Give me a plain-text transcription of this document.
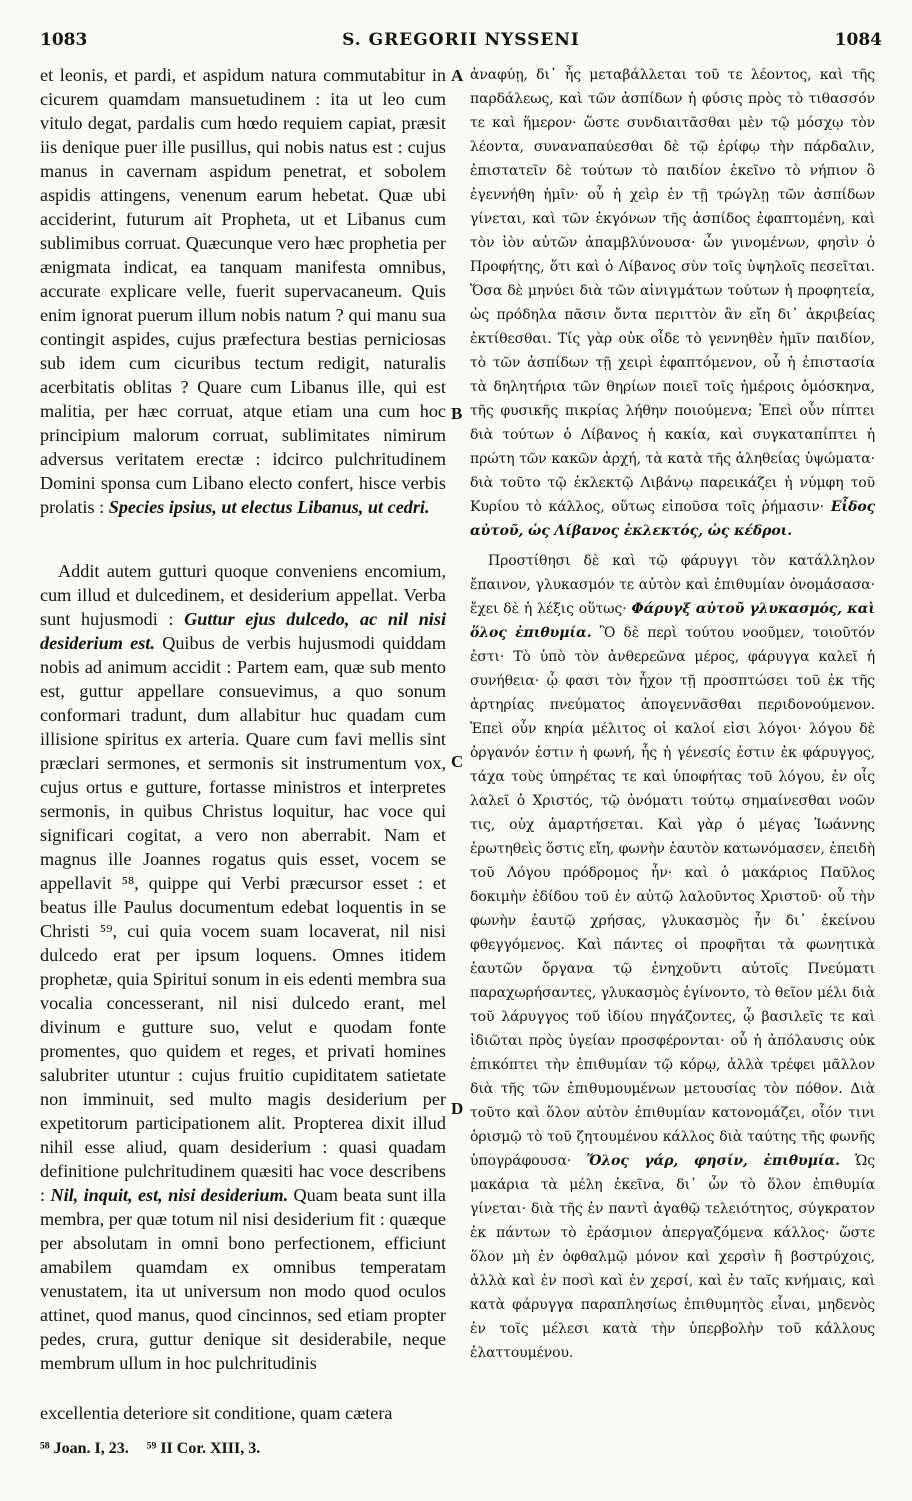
1083	S. GREGORII NYSSENI	1084

et leonis, et pardi, et aspidum natura commutabitur in cicurem quamdam mansuetudinem : ita ut leo cum vitulo degat, pardalis cum hœdo requiem capiat, præsit iis denique puer ille pusillus, qui nobis natus est : cujus manus in cavernam aspidum penetrat, et sobolem aspidis attingens, venenum earum hebetat. Quæ ubi acciderint, futurum ait Propheta, ut et Libanus cum sublimibus corruat. Quæcunque vero hæc prophetia per ænigmata indicat, ea tanquam manifesta omnibus, accurate explicare velle, fuerit supervacaneum. Quis enim ignorat puerum illum nobis natum ? qui manu sua contingit aspides, cujus præfectura bestias perniciosas sub idem cum cicuribus tectum redigit, naturalis acerbitatis oblitas ? Quare cum Libanus ille, qui est malitia, per hæc corruat, atque etiam una cum hoc principium malorum corruat, sublimitates nimirum adversus veritatem erectæ : idcirco pulchritudinem Domini sponsa cum Libano electo confert, hisce verbis prolatis : Species ipsius, ut electus Libanus, ut cedri.

Addit autem gutturi quoque conveniens encomium, cum illud et dulcedinem, et desiderium appellat. Verba sunt hujusmodi : Guttur ejus dulcedo, ac nil nisi desiderium est. Quibus de verbis hujusmodi quiddam nobis ad animum accidit : Partem eam, quæ sub mento est, guttur appellare consuevimus, a quo sonum conformari tradunt, dum allabitur huc quadam cum illisione spiritus ex arteria. Quare cum favi mellis sint præclari sermones, et sermonis sit instrumentum vox, cujus ortus e gutture, fortasse ministros et interpretes sermonis, in quibus Christus loquitur, hac voce qui significari cogitat, a vero non aberrabit. Nam et magnus ille Joannes rogatus quis esset, vocem se appellavit ⁵⁸, quippe qui Verbi præcursor esset : et beatus ille Paulus documentum edebat loquentis in se Christi ⁵⁹, cui quia vocem suam locaverat, nil nisi dulcedo erat per ipsum loquens. Omnes itidem prophetæ, quia Spiritui sonum in eis edenti membra sua vocalia concesserant, nil nisi dulcedo erant, mel divinum e gutture suo, velut e quodam fonte promentes, quo quidem et reges, et privati homines salubriter utuntur : cujus fruitio cupiditatem satietate non imminuit, sed multo magis desiderium per expetitorum participationem alit. Propterea dixit illud nihil esse aliud, quam desiderium : quasi quadam definitione pulchritudinem quæsiti hac voce describens : Nil, inquit, est, nisi desiderium. Quam beata sunt illa membra, per quæ totum nil nisi desiderium fit : quæque per absolutam in omni bono perfectionem, efficiunt amabilem quamdam ex omnibus temperatam venustatem, ita ut universum non modo quod oculos attinet, quod manus, quod cincinnos, sed etiam propter pedes, crura, guttur denique sit desiderabile, neque membrum ullum in hoc pulchritudinis

A
B
C
D

ἀναφύῃ, δι᾽ ἧς μεταβάλλεται τοῦ τε λέοντος, καὶ τῆς παρδάλεως, καὶ τῶν ἀσπίδων ἡ φύσις πρὸς τὸ τιθασσόν τε καὶ ἥμερον· ὥστε συνδιαιτᾶσθαι μὲν τῷ μόσχῳ τὸν λέοντα, συναναπαύεσθαι δὲ τῷ ἐρίφῳ τὴν πάρδαλιν, ἐπιστατεῖν δὲ τούτων τὸ παιδίον ἐκεῖνο τὸ νήπιον ὃ ἐγεννήθη ἡμῖν· οὗ ἡ χεὶρ ἐν τῇ τρώγλῃ τῶν ἀσπίδων γίνεται, καὶ τῶν ἐκγόνων τῆς ἀσπίδος ἐφαπτομένη, καὶ τὸν ἰὸν αὐτῶν ἀπαμβλύνουσα· ὧν γινομένων, φησὶν ὁ Προφήτης, ὅτι καὶ ὁ Λίβανος σὺν τοῖς ὑψηλοῖς πεσεῖται. Ὅσα δὲ μηνύει διὰ τῶν αἰνιγμάτων τούτων ἡ προφητεία, ὡς πρόδηλα πᾶσιν ὄντα περιττὸν ἂν εἴη δι᾽ ἀκριβείας ἐκτίθεσθαι. Τίς γὰρ οὐκ οἶδε τὸ γεννηθὲν ἡμῖν παιδίον, τὸ τῶν ἀσπίδων τῇ χειρὶ ἐφαπτόμενον, οὗ ἡ ἐπιστασία τὰ δηλητήρια τῶν θηρίων ποιεῖ τοῖς ἡμέροις ὁμόσκηνα, τῆς φυσικῆς πικρίας λήθην ποιούμενα; Ἐπεὶ οὖν πίπτει διὰ τούτων ὁ Λίβανος ἡ κακία, καὶ συγκαταπίπτει ἡ πρώτη τῶν κακῶν ἀρχή, τὰ κατὰ τῆς ἀληθείας ὑψώματα· διὰ τοῦτο τῷ ἐκλεκτῷ Λιβάνῳ παρεικάζει ἡ νύμφη τοῦ Κυρίου τὸ κάλλος, οὕτως εἰποῦσα τοῖς ῥήμασιν· Εἶδος αὐτοῦ, ὡς Λίβανος ἐκλεκτός, ὡς κέδροι.

Προστίθησι δὲ καὶ τῷ φάρυγγι τὸν κατάλληλον ἔπαινον, γλυκασμόν τε αὐτὸν καὶ ἐπιθυμίαν ὀνομάσασα· ἔχει δὲ ἡ λέξις οὕτως· Φάρυγξ αὐτοῦ γλυκασμός, καὶ ὅλος ἐπιθυμία. Ὃ δὲ περὶ τούτου νοοῦμεν, τοιοῦτόν ἐστι· Τὸ ὑπὸ τὸν ἀνθερεῶνα μέρος, φάρυγγα καλεῖ ἡ συνήθεια· ᾧ φασι τὸν ἦχον τῇ προσπτώσει τοῦ ἐκ τῆς ἀρτηρίας πνεύματος ἀπογεννᾶσθαι περιδονούμενον. Ἐπεὶ οὖν κηρία μέλιτος οἱ καλοί εἰσι λόγοι· λόγου δὲ ὀργανόν ἐστιν ἡ φωνή, ἧς ἡ γένεσίς ἐστιν ἐκ φάρυγγος, τάχα τοὺς ὑπηρέτας τε καὶ ὑποφήτας τοῦ λόγου, ἐν οἷς λαλεῖ ὁ Χριστός, τῷ ὀνόματι τούτῳ σημαίνεσθαι νοῶν τις, οὐχ ἁμαρτήσεται. Καὶ γὰρ ὁ μέγας Ἰωάννης ἐρωτηθεὶς ὅστις εἴη, φωνὴν ἑαυτὸν κατωνόμασεν, ἐπειδὴ τοῦ Λόγου πρόδρομος ἦν· καὶ ὁ μακάριος Παῦλος δοκιμὴν ἐδίδου τοῦ ἐν αὐτῷ λαλοῦντος Χριστοῦ· οὗ τὴν φωνὴν ἑαυτῷ χρήσας, γλυκασμὸς ἦν δι᾽ ἐκείνου φθεγγόμενος. Καὶ πάντες οἱ προφῆται τὰ φωνητικὰ ἑαυτῶν ὄργανα τῷ ἐνηχοῦντι αὐτοῖς Πνεύματι παραχωρήσαντες, γλυκασμὸς ἐγίνοντο, τὸ θεῖον μέλι διὰ τοῦ λάρυγγος τοῦ ἰδίου πηγάζοντες, ᾧ βασιλεῖς τε καὶ ἰδιῶται πρὸς ὑγείαν προσφέρονται· οὗ ἡ ἀπόλαυσις οὐκ ἐπικόπτει τὴν ἐπιθυμίαν τῷ κόρῳ, ἀλλὰ τρέφει μᾶλλον διὰ τῆς τῶν ἐπιθυμουμένων μετουσίας τὸν πόθον. Διὰ τοῦτο καὶ ὅλον αὐτὸν ἐπιθυμίαν κατονομάζει, οἷόν τινι ὁρισμῷ τὸ τοῦ ζητουμένου κάλλος διὰ ταύτης τῆς φωνῆς ὑπογράφουσα· Ὅλος γάρ, φησίν, ἐπιθυμία. Ὡς μακάρια τὰ μέλη ἐκεῖνα, δι᾽ ὧν τὸ ὅλον ἐπιθυμία γίνεται· διὰ τῆς ἐν παντὶ ἀγαθῷ τελειότητος, σύγκρατον ἐκ πάντων τὸ ἐράσμιον ἀπεργαζόμενα κάλλος· ὥστε ὅλον μὴ ἐν ὀφθαλμῷ μόνον καὶ χερσὶν ἢ βοστρύχοις, ἀλλὰ καὶ ἐν ποσὶ καὶ ἐν χερσί, καὶ ἐν ταῖς κνήμαις, καὶ κατὰ φάρυγγα παραπλησίως ἐπιθυμητὸς εἶναι, μηδενὸς ἐν τοῖς μέλεσι κατὰ τὴν ὑπερβολὴν τοῦ κάλλους ἐλαττουμένου.

excellentia deteriore sit conditione, quam cætera
⁵⁸ Joan. I, 23. ⁵⁹ II Cor. XIII, 3.
